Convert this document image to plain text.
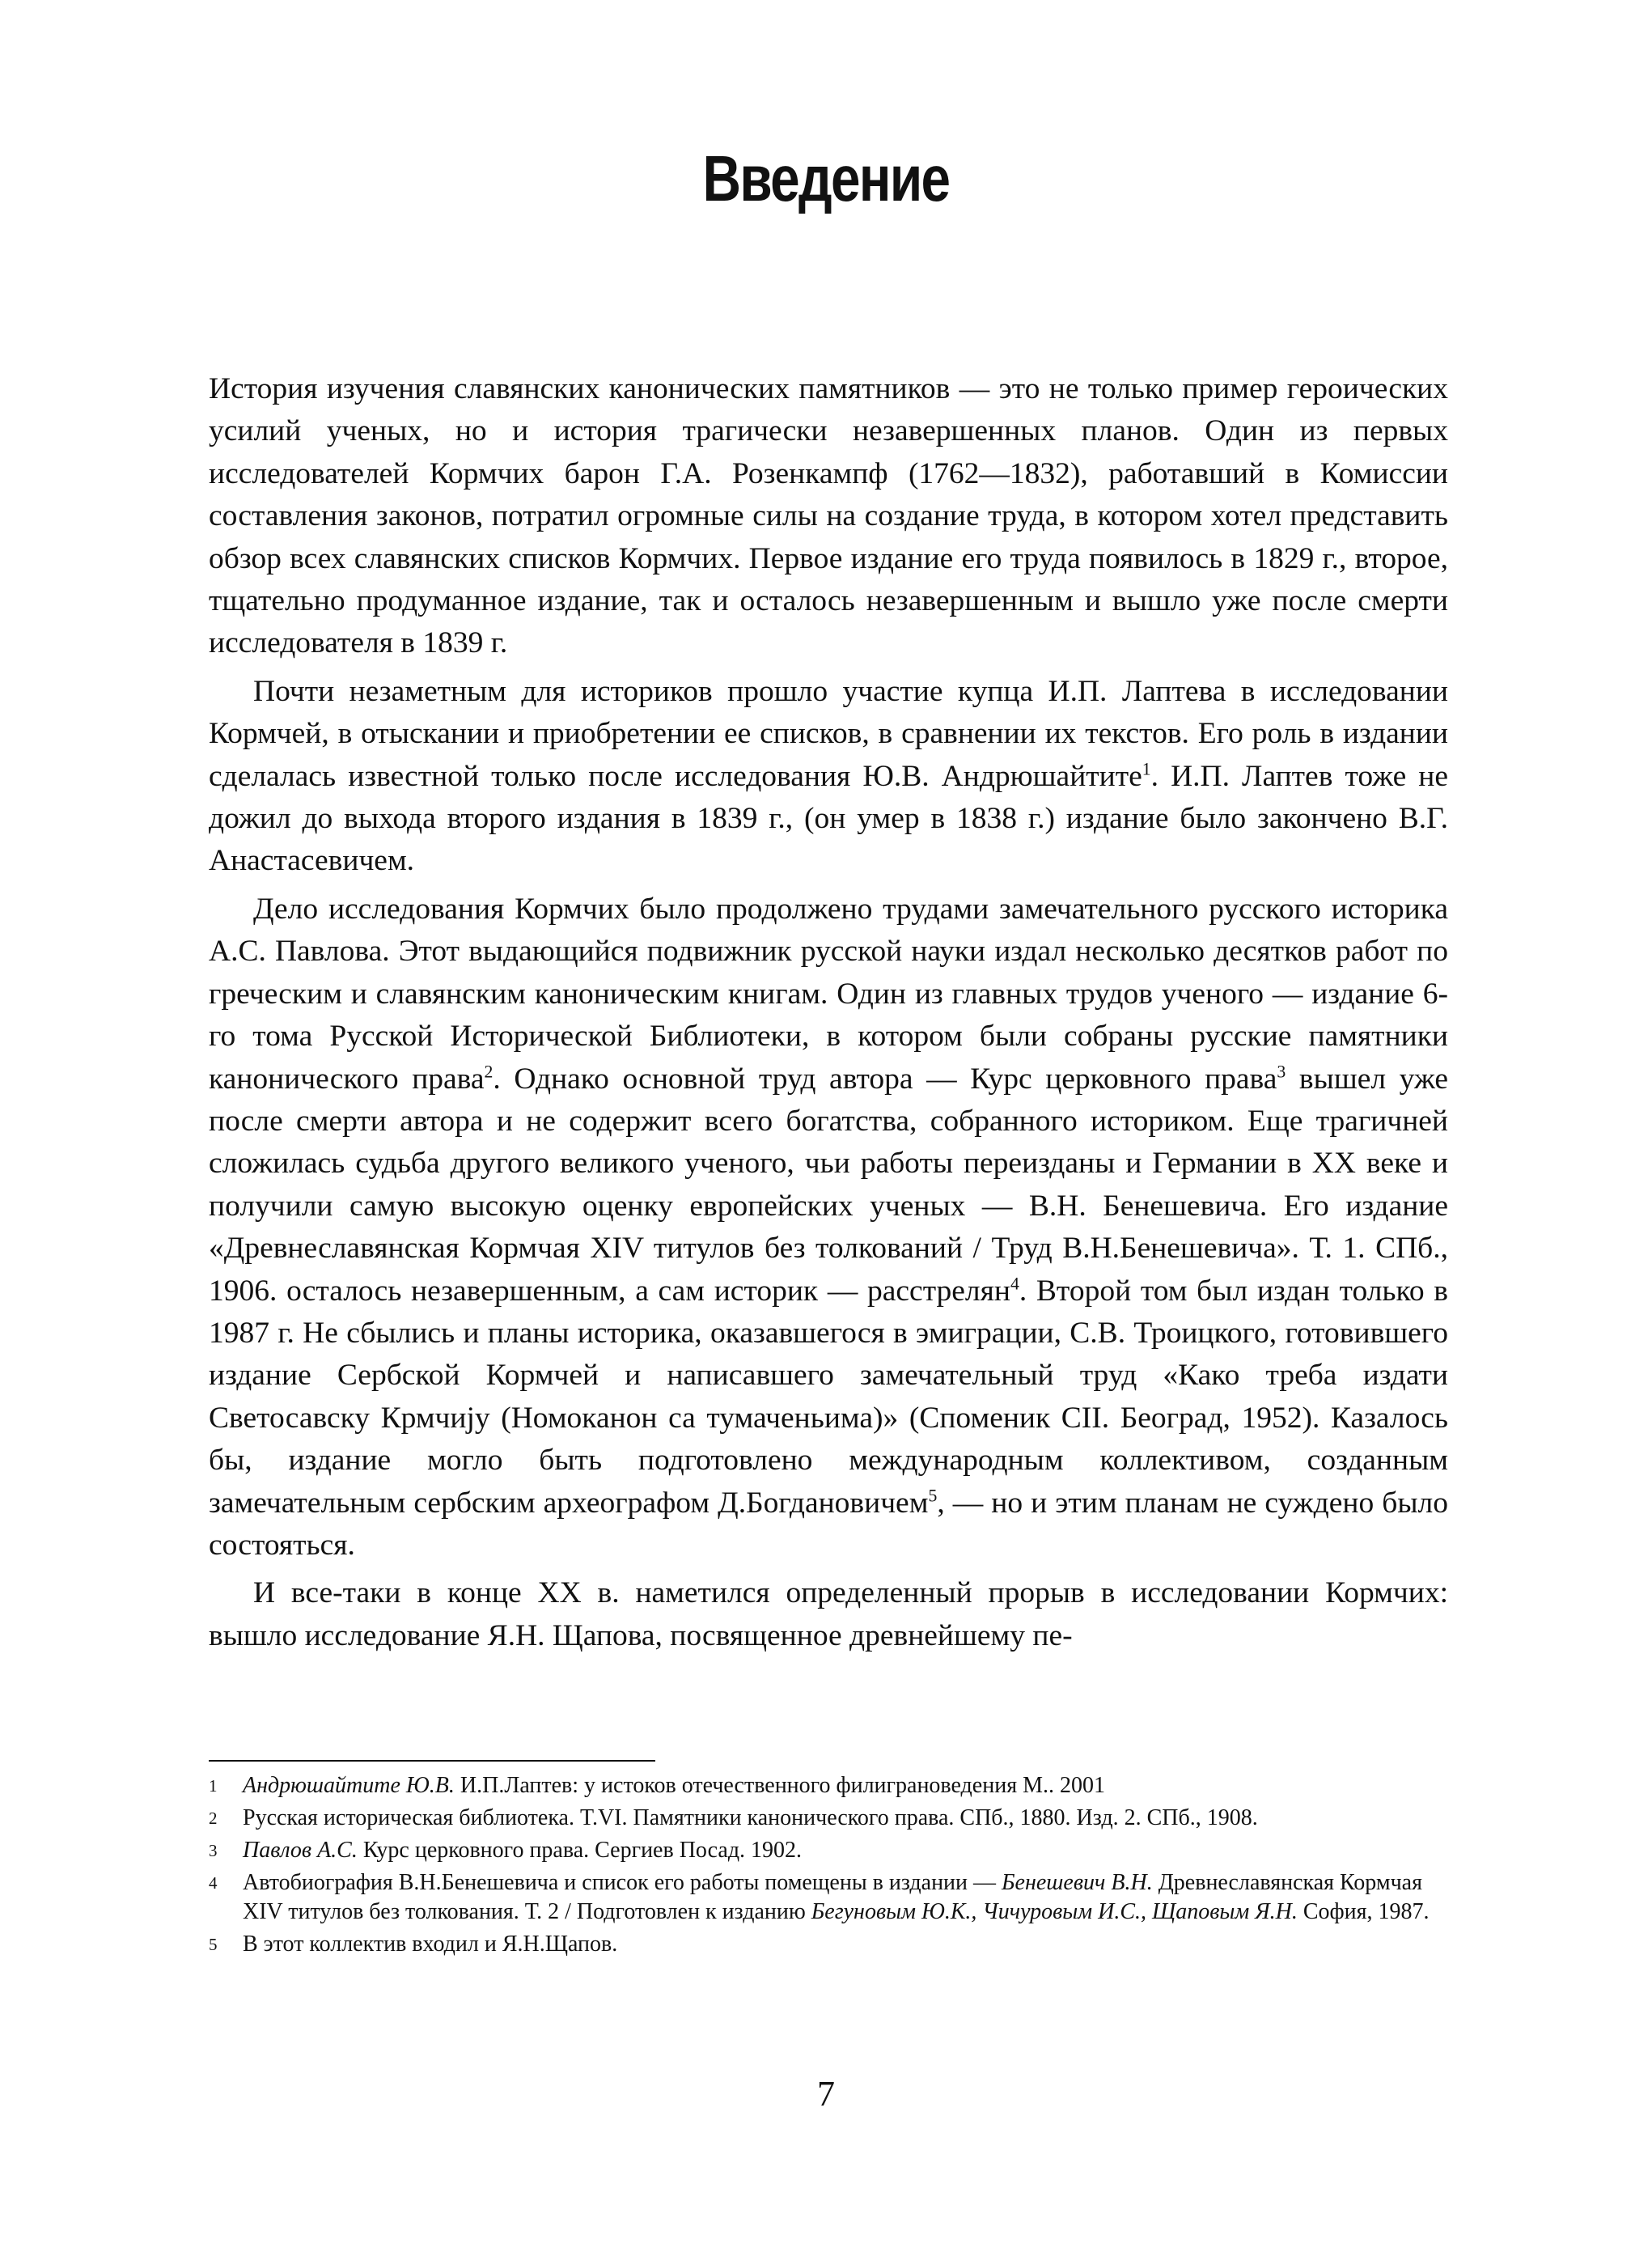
Введение

История изучения славянских канонических памятников — это не только пример героических усилий ученых, но и история трагически незавершенных планов. Один из первых исследователей Кормчих барон Г.А. Розенкампф (1762—1832), работавший в Комиссии составления законов, потратил огромные силы на создание труда, в котором хотел представить обзор всех славянских списков Кормчих. Первое издание его труда появилось в 1829 г., второе, тщательно продуманное издание, так и осталось незавершенным и вышло уже после смерти исследователя в 1839 г.

Почти незаметным для историков прошло участие купца И.П. Лаптева в исследовании Кормчей, в отыскании и приобретении ее списков, в сравнении их текстов. Его роль в издании сделалась известной только после исследования Ю.В. Андрюшайтите$^1$. И.П. Лаптев тоже не дожил до выхода второго издания в 1839 г., (он умер в 1838 г.) издание было закончено В.Г. Анастасевичем.

Дело исследования Кормчих было продолжено трудами замечательного русского историка А.С. Павлова. Этот выдающийся подвижник русской науки издал несколько десятков работ по греческим и славянским каноническим книгам. Один из главных трудов ученого — издание 6-го тома Русской Исторической Библиотеки, в котором были собраны русские памятники канонического права$^2$. Однако основной труд автора — Курс церковного права$^3$ вышел уже после смерти автора и не содержит всего богатства, собранного историком. Еще трагичней сложилась судьба другого великого ученого, чьи работы переизданы и Германии в XX веке и получили самую высокую оценку европейских ученых — В.Н. Бенешевича. Его издание «Древнеславянская Кормчая XIV титулов без толкований / Труд В.Н.Бенешевича». Т. 1. СПб., 1906. осталось незавершенным, а сам историк — расстрелян$^4$. Второй том был издан только в 1987 г. Не сбылись и планы историка, оказавшегося в эмиграции, С.В. Троицкого, готовившего издание Сербской Кормчей и написавшего замечательный труд «Како треба издати Светосавску Крмчиjу (Номоканон са тумаченьима)» (Споменик CII. Београд, 1952). Казалось бы, издание могло быть подготовлено международным коллективом, созданным замечательным сербским археографом Д.Богдановичем$^5$, — но и этим планам не суждено было состояться.

И все-таки в конце XX в. наметился определенный прорыв в исследовании Кормчих: вышло исследование Я.Н. Щапова, посвященное древнейшему пе-

1	Андрюшайтите Ю.В. И.П.Лаптев: у истоков отечественного филиграноведения М.. 2001
2	Русская историческая библиотека. T.VI. Памятники канонического права. СПб., 1880. Изд. 2. СПб., 1908.
3	Павлов А.С. Курс церковного права. Сергиев Посад. 1902.
4	Автобиография В.Н.Бенешевича и список его работы помещены в издании — Бенешевич В.Н. Древнеславянская Кормчая XIV титулов без толкования. Т. 2 / Подготовлен к изданию Бегуновым Ю.К., Чичуровым И.С., Щаповым Я.Н. София, 1987.
5	В этот коллектив входил и Я.Н.Щапов.
7
